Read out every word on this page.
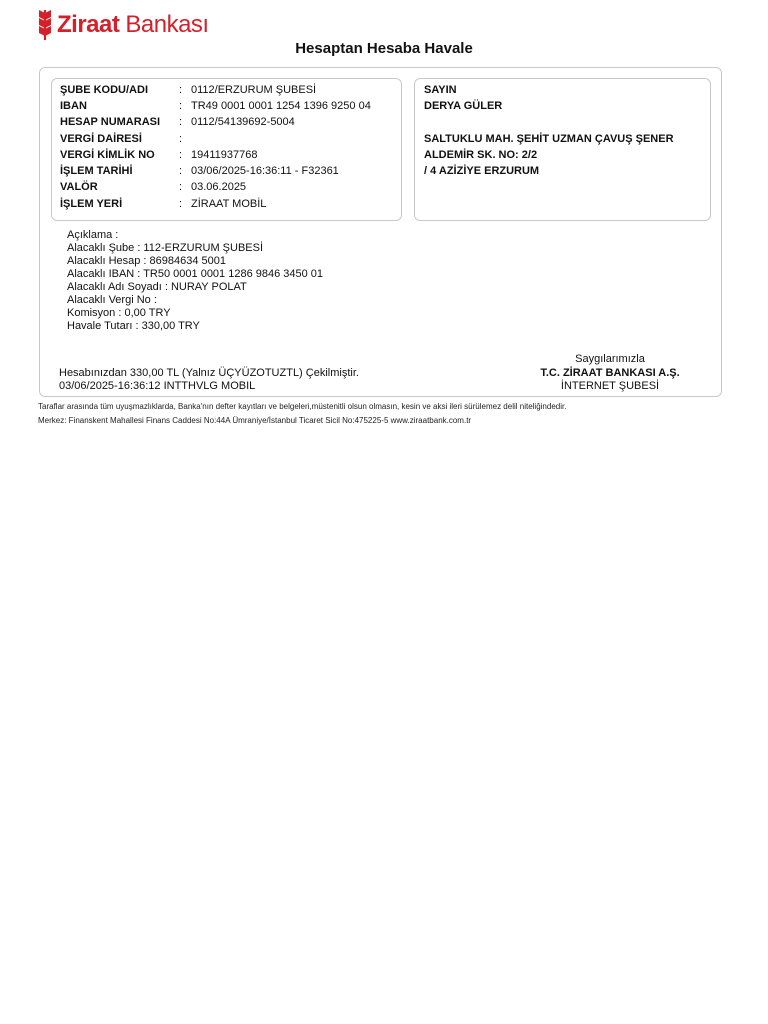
Ziraat Bankası
Hesaptan Hesaba Havale
ŞUBE KODU/ADI	: 0112/ERZURUM ŞUBESİ
IBAN	: TR49 0001 0001 1254 1396 9250 04
HESAP NUMARASI : 0112/54139692-5004
VERGİ DAİRESİ	:
VERGİ KİMLİK NO : 19411937768
İŞLEM TARİHİ	: 03/06/2025-16:36:11 - F32361
VALÖR	: 03.06.2025
İŞLEM YERİ	: ZİRAAT MOBİL
SAYIN
DERYA GÜLER
SALTUKLU MAH. ŞEHİT UZMAN ÇAVUŞ ŞENER
ALDEMİR SK. NO: 2/2
/ 4 AZİZİYE ERZURUM
Açıklama :
Alacaklı Şube : 112-ERZURUM ŞUBESİ
Alacaklı Hesap : 86984634 5001
Alacaklı IBAN : TR50 0001 0001 1286 9846 3450 01
Alacaklı Adı Soyadı : NURAY POLAT
Alacaklı Vergi No :
Komisyon : 0,00 TRY
Havale Tutarı : 330,00 TRY
Hesabınızdan 330,00 TL (Yalnız ÜÇYÜZOTUZTL) Çekilmiştir.
03/06/2025-16:36:12 INTTHVLG MOBIL
Saygılarımızla
T.C. ZİRAAT BANKASI A.Ş.
İNTERNET ŞUBESİ
Taraflar arasında tüm uyuşmazlıklarda, Banka'nın defter kayıtları ve belgeleri,müstenitli olsun olmasın, kesin ve aksi ileri sürülemez delil niteliğindedir.
Merkez: Finanskent Mahallesi Finans Caddesi No:44A Ümraniye/İstanbul Ticaret Sicil No:475225-5 www.ziraatbank.com.tr
